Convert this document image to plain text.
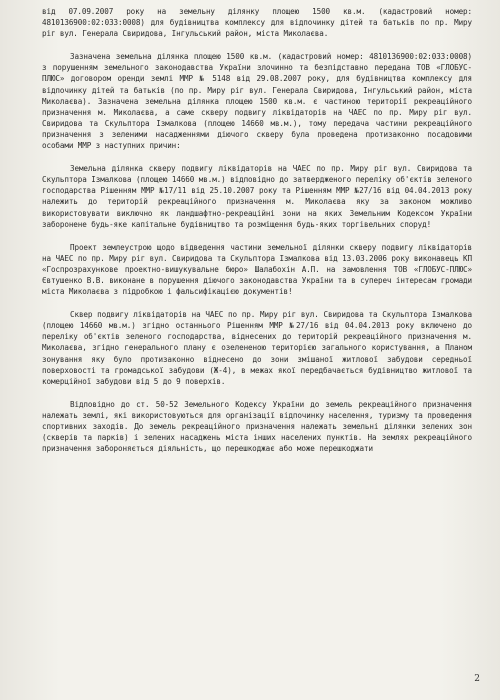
від 07.09.2007 року на земельну ділянку площею 1500 кв.м. (кадастровий номер: 4810136900:02:033:0008) для будівництва комплексу для відпочинку дітей та батьків по пр. Миру ріг вул. Генерала Свиридова, Інгульський район, міста Миколаєва.

Зазначена земельна ділянка площею 1500 кв.м. (кадастровий номер: 4810136900:02:033:0008) з порушенням земельного законодавства України злочинно та безпідставно передана ТОВ «ГЛОБУС-ПЛЮС» договором оренди землі ММР № 5148 від 29.08.2007 року, для будівництва комплексу для відпочинку дітей та батьків (по пр. Миру ріг вул. Генерала Свиридова, Інгульський район, міста Миколаєва). Зазначена земельна ділянка площею 1500 кв.м. є частиною території рекреаційного призначення м. Миколаєва, а саме скверу подвигу ліквідаторів на ЧАЕС по пр. Миру ріг вул. Свиридова та Скульптора Ізмалкова (площею 14660 мв.м.), тому передача частини рекреаційного призначення з зеленими насадженнями діючого скверу була проведена протизаконно посадовими особами ММР з наступних причин:

Земельна ділянка скверу подвигу ліквідаторів на ЧАЕС по пр. Миру ріг вул. Свиридова та Скульптора Ізмалкова (площею 14660 мв.м.) відповідно до затвердженого переліку об'єктів зеленого господарства Рішенням ММР №17/11 від 25.10.2007 року та Рішенням ММР №27/16 від 04.04.2013 року належить до територій рекреаційного призначення м. Миколаєва яку за законом можливо використовувати виключно як ландшафтно-рекреаційні зони на яких Земельним Кодексом України заборонене будь-яке капітальне будівництво та розміщення будь-яких торгівельних споруд!

Проект землеустрою щодо відведення частини земельної ділянки скверу подвигу ліквідаторів на ЧАЕС по пр. Миру ріг вул. Свиридова та Скульптора Ізмалкова від 13.03.2006 року виконавець КП «Госпрозрахункове проектно-вишукувальне бюро» Шалабохін А.П. на замовлення ТОВ «ГЛОБУС-ПЛЮС» Євтушенко В.В. виконане в порушення діючого законодавства України та в супереч інтересам громади міста Миколаєва з підробкою і фальсифікацією документів!

Сквер подвигу ліквідаторів на ЧАЕС по пр. Миру ріг вул. Свиридова та Скульптора Ізмалкова (площею 14660 мв.м.) згідно останнього Рішенням ММР №27/16 від 04.04.2013 року включено до переліку об'єктів зеленого господарства, віднесених до територій рекреаційного призначення м. Миколаєва, згідно генерального плану є озелененою територією загального користування, а Планом зонування яку було протизаконно віднесено до зони змішаної житлової забудови середньої поверховості та громадської забудови (Ж-4), в межах якої передбачається будівництво житлової та комерційної забудови від 5 до 9 поверхів.

Відповідно до ст. 50-52 Земельного Кодексу України до земель рекреаційного призначення належать землі, які використовуються для організації відпочинку населення, туризму та проведення спортивних заходів. До земель рекреаційного призначення належать земельні ділянки зелених зон (скверів та парків) і зелених насаджень міста інших населених пунктів. На землях рекреаційного призначення забороняється діяльність, що перешкоджає або може перешкоджати

2
